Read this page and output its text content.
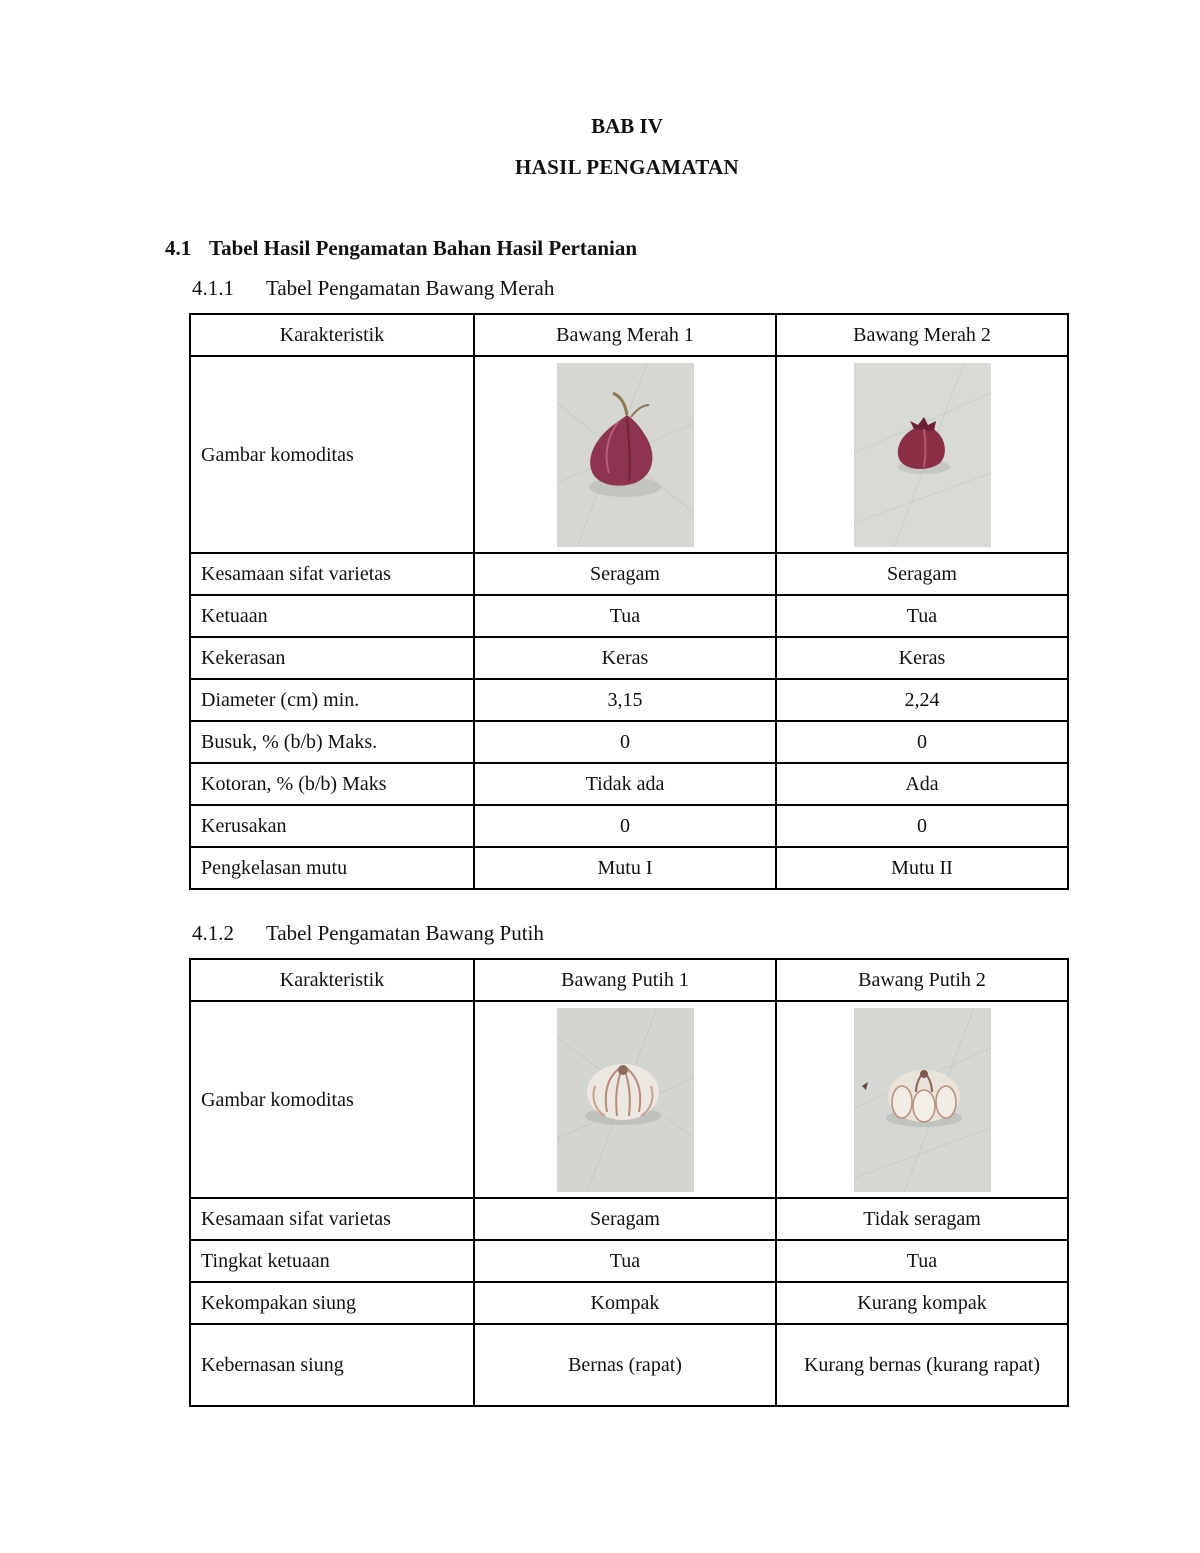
BAB IV
HASIL PENGAMATAN
4.1 Tabel Hasil Pengamatan Bahan Hasil Pertanian
4.1.1 Tabel Pengamatan Bawang Merah
Karakteristik	Bawang Merah 1	Bawang Merah 2
Gambar komoditas	

Kesamaan sifat varietas	Seragam	Seragam
Ketuaan	Tua	Tua
Kekerasan	Keras	Keras
Diameter (cm) min.	3,15	2,24
Busuk, % (b/b) Maks.	0	0
Kotoran, % (b/b) Maks	Tidak ada	Ada
Kerusakan	0	0
Pengkelasan mutu	Mutu I	Mutu II
4.1.2 Tabel Pengamatan Bawang Putih
Karakteristik	Bawang Putih 1	Bawang Putih 2
Gambar komoditas	

Kesamaan sifat varietas	Seragam	Tidak seragam
Tingkat ketuaan	Tua	Tua
Kekompakan siung	Kompak	Kurang kompak
Kebernasan siung	Bernas (rapat)	Kurang bernas (kurang rapat)
